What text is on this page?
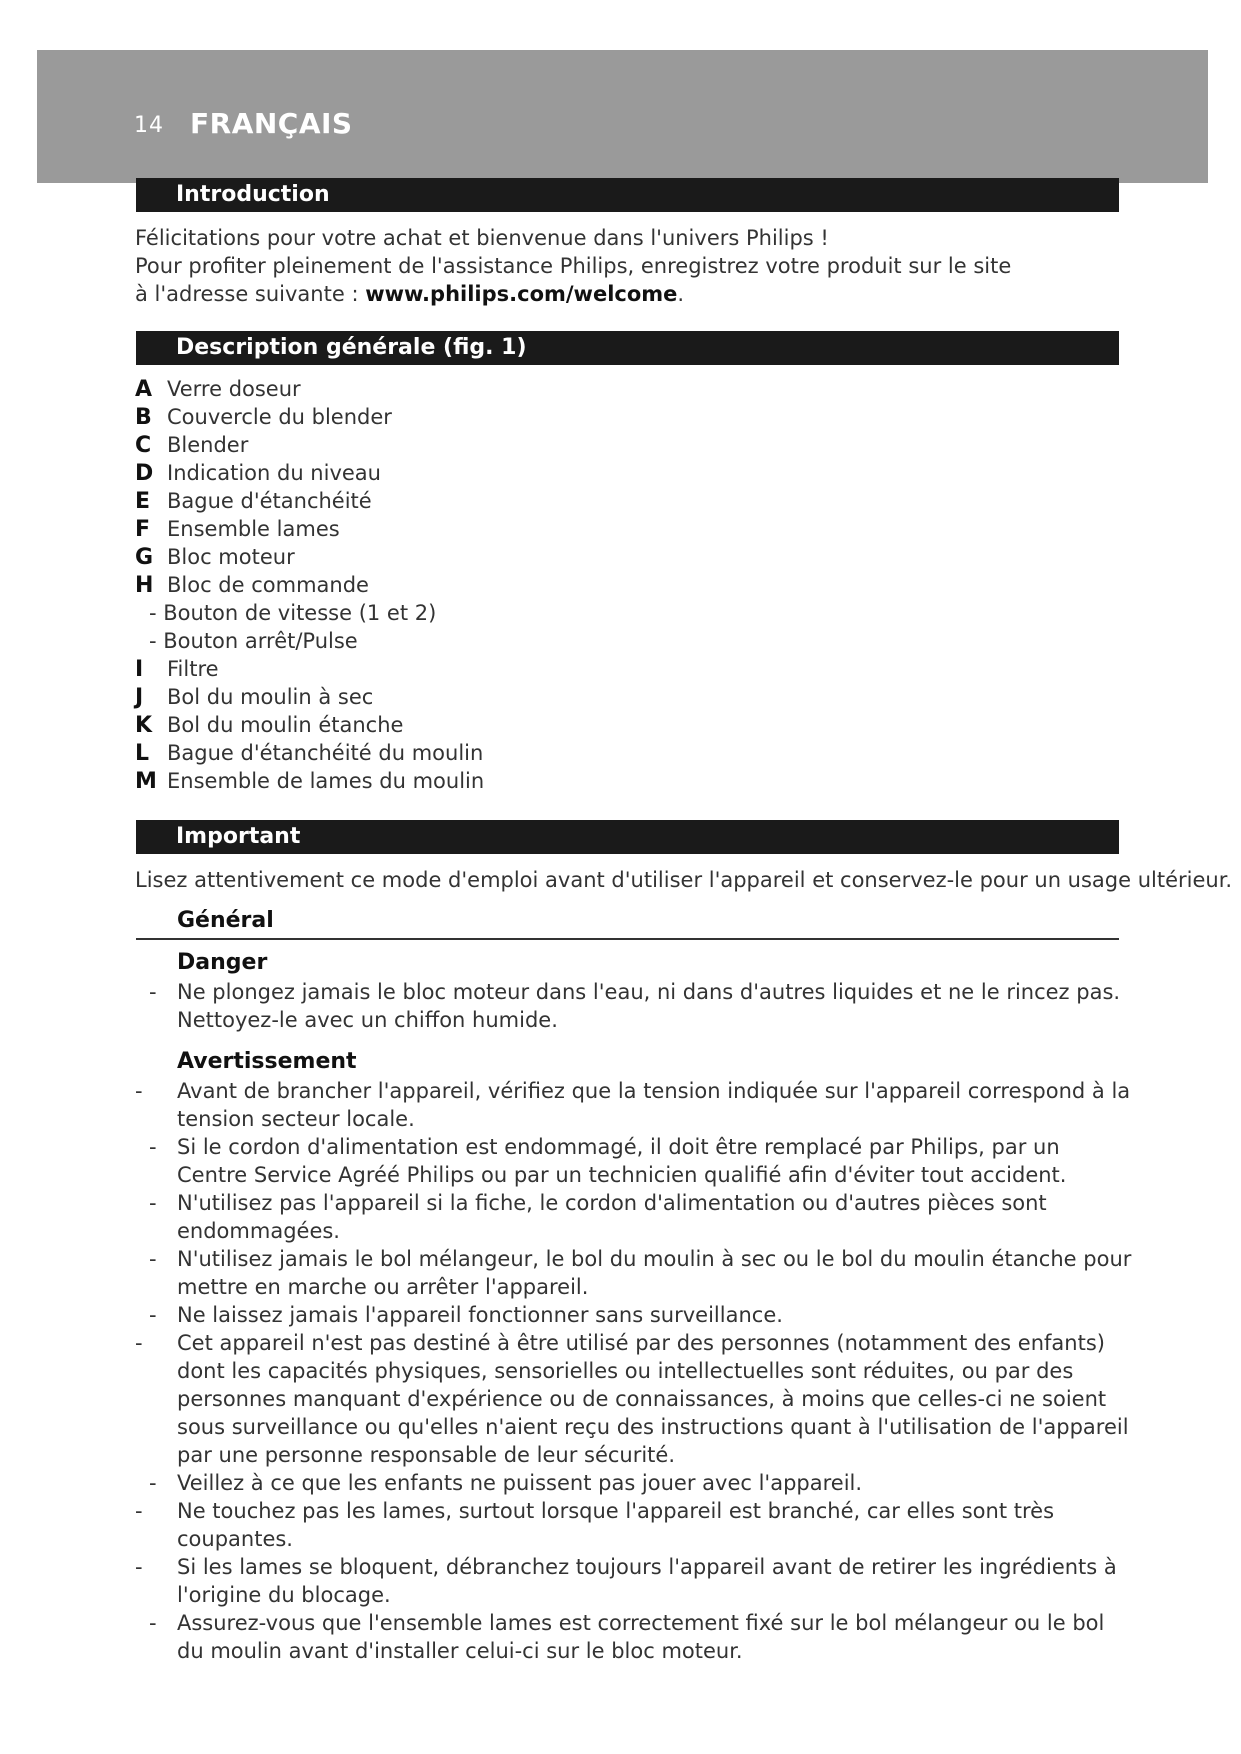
14 FRANÇAIS
Introduction

Félicitations pour votre achat et bienvenue dans l'univers Philips !

Pour profiter pleinement de l'assistance Philips, enregistrez votre produit sur le site

à l'adresse suivante : www.philips.com/welcome.

Description générale (fig. 1)
A Verre doseur
B Couvercle du blender
C Blender
D Indication du niveau
E Bague d'étanchéité
F Ensemble lames
G Bloc moteur
H Bloc de commande
- Bouton de vitesse (1 et 2)
- Bouton arrêt/Pulse
I Filtre
J Bol du moulin à sec
K Bol du moulin étanche
L Bague d'étanchéité du moulin
M Ensemble de lames du moulin
Important

Lisez attentivement ce mode d'emploi avant d'utiliser l'appareil et conservez-le pour un usage ultérieur.

Général
Danger
- Ne plongez jamais le bloc moteur dans l'eau, ni dans d'autres liquides et ne le rincez pas. Nettoyez-le avec un chiffon humide.
Avertissement
- Avant de brancher l'appareil, vérifiez que la tension indiquée sur l'appareil correspond à la tension secteur locale.
- Si le cordon d'alimentation est endommagé, il doit être remplacé par Philips, par un Centre Service Agréé Philips ou par un technicien qualifié afin d'éviter tout accident.
- N'utilisez pas l'appareil si la fiche, le cordon d'alimentation ou d'autres pièces sont endommagées.
- N'utilisez jamais le bol mélangeur, le bol du moulin à sec ou le bol du moulin étanche pour mettre en marche ou arrêter l'appareil.
- Ne laissez jamais l'appareil fonctionner sans surveillance.
- Cet appareil n'est pas destiné à être utilisé par des personnes (notamment des enfants) dont les capacités physiques, sensorielles ou intellectuelles sont réduites, ou par des personnes manquant d'expérience ou de connaissances, à moins que celles-ci ne soient sous surveillance ou qu'elles n'aient reçu des instructions quant à l'utilisation de l'appareil par une personne responsable de leur sécurité.
- Veillez à ce que les enfants ne puissent pas jouer avec l'appareil.
- Ne touchez pas les lames, surtout lorsque l'appareil est branché, car elles sont très coupantes.
- Si les lames se bloquent, débranchez toujours l'appareil avant de retirer les ingrédients à l'origine du blocage.
- Assurez-vous que l'ensemble lames est correctement fixé sur le bol mélangeur ou le bol du moulin avant d'installer celui-ci sur le bloc moteur.
